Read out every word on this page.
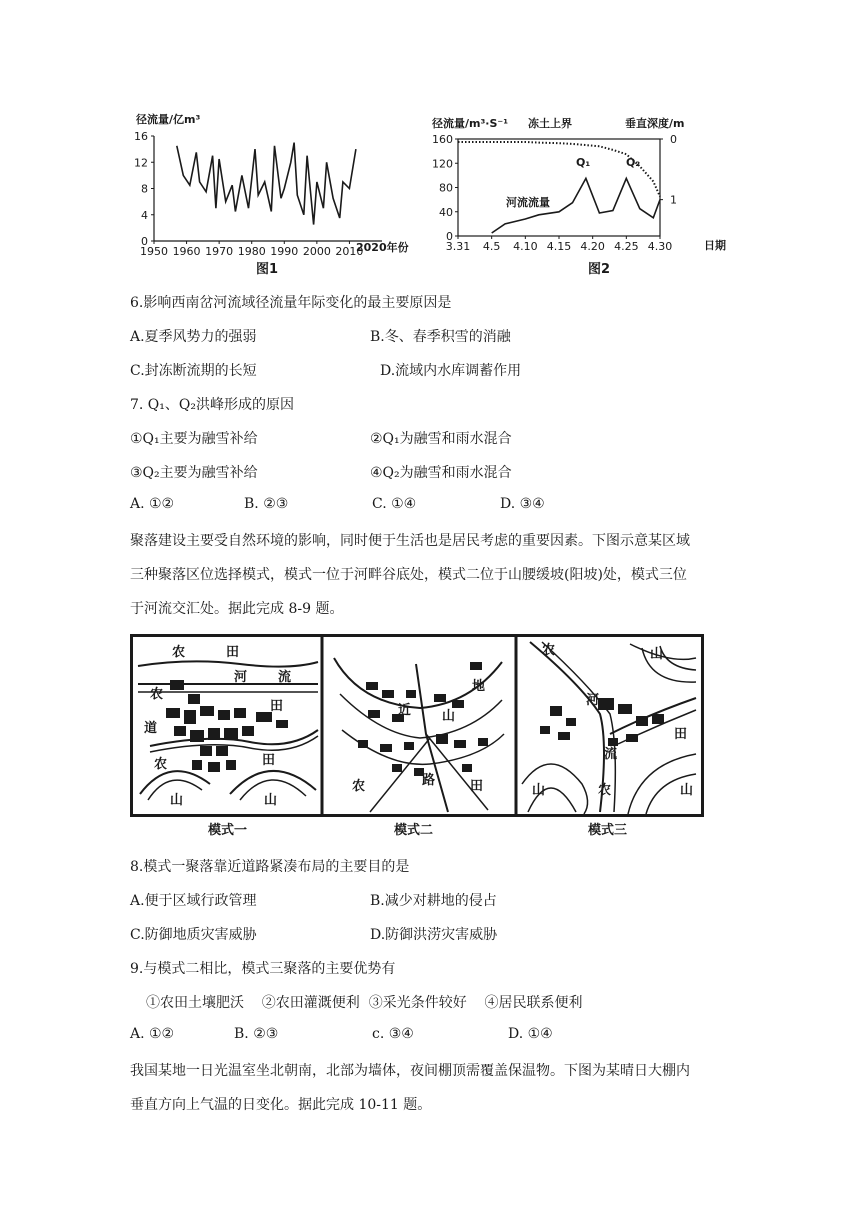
径流量/亿m³
16
12
8
4
0
1950 1960 1970 1980 1990 2000 2010
2020年份
图1
径流量/m³·S⁻¹ 冻土上界	垂直深度/m
160
120
80
40
0
0
1
3.31 4.5 4.10 4.15 4.20 4.25 4.30
河流流量
Q₁	Q₂
日期
图2
6.影响西南岔河流域径流量年际变化的最主要原因是
A.夏季风势力的强弱	B.冬、春季积雪的消融
C.封冻断流期的长短	D.流域内水库调蓄作用
7. Q₁、Q₂洪峰形成的原因
①Q₁主要为融雪补给	②Q₁为融雪和雨水混合
③Q₂主要为融雪补给	④Q₂为融雪和雨水混合
A. ①②	B. ②③	C. ①④	D. ③④
聚落建设主要受自然环境的影响，同时便于生活也是居民考虑的重要因素。下图示意某区域
三种聚落区位选择模式，模式一位于河畔谷底处，模式二位于山腰缓坡(阳坡)处，模式三位
于河流交汇处。据此完成 8-9 题。
农	田
河 流
农
道
田
农	田
山	山
地
近 山
农	路	田
农	山
河
田
流
山	农	山
模式一	模式二	模式三
8.模式一聚落靠近道路紧凑布局的主要目的是
A.便于区域行政管理	B.减少对耕地的侵占
C.防御地质灾害威胁	D.防御洪涝灾害威胁
9.与模式二相比，模式三聚落的主要优势有
①农田土壤肥沃    ②农田灌溉便利  ③采光条件较好    ④居民联系便利
A. ①②	B. ②③	c. ③④	D. ①④
我国某地一日光温室坐北朝南，北部为墙体，夜间棚顶需覆盖保温物。下图为某晴日大棚内
垂直方向上气温的日变化。据此完成 10-11 题。
